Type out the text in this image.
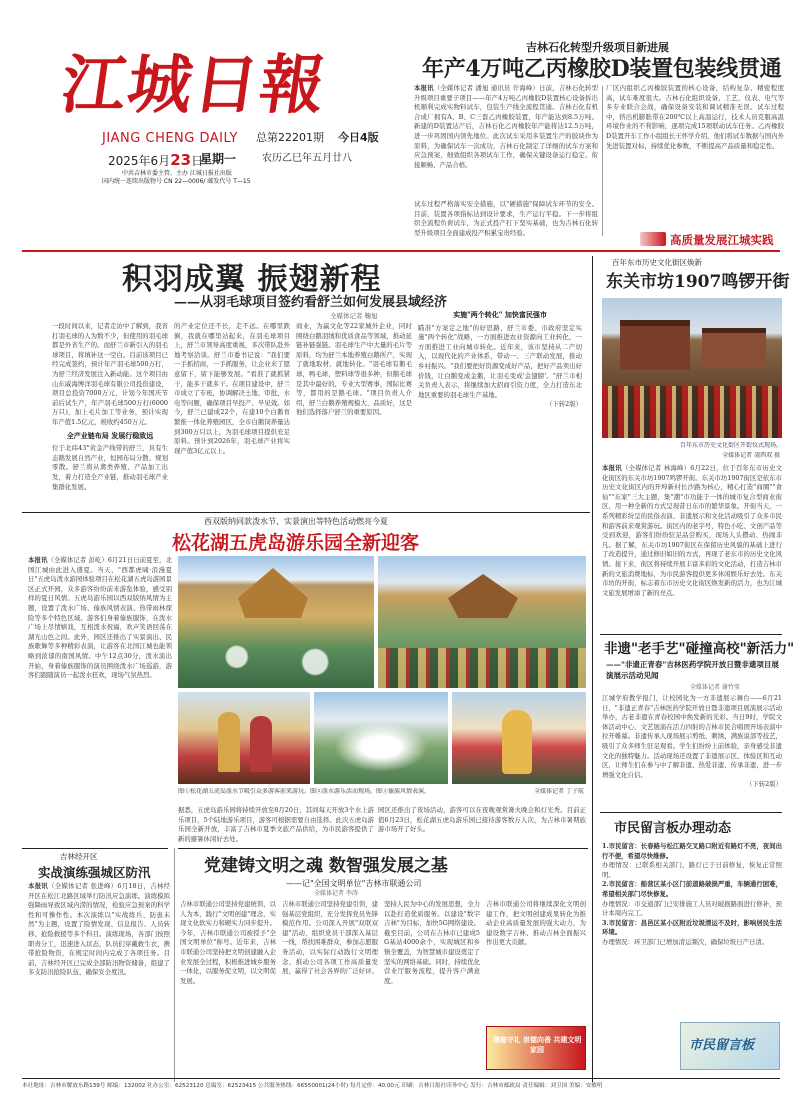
江城日報
JIANG CHENG DAILY 总第22201期 今日4版
2025年6月23日
星期一	农历乙巳年五月廿八
中共吉林市委主管、主办 江城日报社出版
国内统一连续出版物号 CN 22—0006/ 邮发代号 T—15
吉林石化转型升级项目新进展
年产4万吨乙丙橡胶D装置包装线贯通
本报讯（全媒体记者 潘旭 通讯员 许海峰）日前，吉林石化转型升级项目重要子项目——年产4万吨乙丙橡胶D装置核心设备拆出机顺利完成实物料试车，包装生产线全流程贯通。吉林石化有机合成厂拥有A、B、C三套乙丙橡胶装置，年产能达到8.5万吨。新建的D装置达产后，吉林石化乙丙橡胶年产能将达12.5万吨，进一步巩固国内领先地位。此次试车采用多装置生产的胶块作为原料，为确保试车一次成功，吉林石化制定了详细的试车方案和应急预案，细致组织各项试车工作，确保关键设备运行稳定、衔接顺畅、产品合格。
厂区内组织乙丙橡胶装置的核心设备，结构复杂、精密程度高，试车难度很大。吉林石化组织设备、工艺、仪表、电气等多专业联合会战，确保设备安装和调试精准无误。试车过程中，挤出机膨胀带在200℃以上高温运行，技术人员克服高温环境作业的不利影响，逐项完成15项联动试车任务。乙丙橡胶D装置开车工作小组组长王怀学介绍，他们将试车数据与国内外先进装置对标，持续优化参数，不断提高产品质量和稳定性。
试车过程严格落实安全措施，以"硬措施"保障试车环节的安全。目前，装置各项指标达到设计要求，生产运行平稳。下一步将组织全流程负荷试车，为正式投产打下坚实基础，也为吉林石化转型升级项目全面建成投产积累宝贵经验。
高质量发展江城实践
积羽成翼 振翅新程
——从羽毛球项目签约看舒兰如何发展县域经济
全媒体记者 鞠旭
一段时间以来，记者走访中了解到，我省打羽毛球的人为数不少，但使用的羽毛球都是外省生产的。而舒兰市新引入的羽毛球项目，将填补这一空白。目前该项目已经完成签约，预计年产羽毛球500万打，为舒兰经济发展注入新动能。这个项目由山东威海博洋羽毛球有限公司投资建设，项目总投资7000万元，计划今年国庆节前后试生产，年产羽毛球500万打(6000万只)，加上毛片加工等业务，预计实现年产值1.5亿元，税收约450万元。
全产业链布局 发展行稳致远
位于北纬43°黄金产线带的舒兰，具有生态鹅发展自然产业，恒园布局分散、规划零散。舒兰将从禽类养殖、产品加工出发，着力打造全产业链，推动羽毛球产业集群化发展。
的产业定位还不长，走不远。在哪里跌倒，我就在哪里站起来，在羽毛球项目上，舒兰市领导高度重视，多次带队赴外地考察洽谈。舒兰市委书记说："我们要一手抓招商，一手抓服务，让企业来了愿意留下，留下能够发展。"看准了就抓紧干，能多干就多干。在项目建设中，舒兰市成立了专班，协调解决土地、审批、水电等问题，确保项目早投产、早见效。如今，舒兰已建成22个，在建10个白鹅育繁推一体化养殖园区，全市白鹅饲养量达到300万只以上，为羽毛球项目提供充足原料。预计到2026年，羽毛球产业将实现产值3亿元以上。
商业，为赢文化等22家城外企业，同时围绕白鹅羽绒和优质食品等领域，推动延链补链强链。羽毛球生产中大量的毛片等原料，均为舒兰本地养殖白鹅所产，实现了就地取材、就地转化。"羽毛球有鹅毛球，鸭毛球，塑料球等很多种，但鹅毛球是其中最好的，专业大型赛事，国际比赛等，都用的是鹅毛球。"项目负责人介绍，舒兰白鹅养殖规模大、品质好，这是他们选择落户舒兰的重要原因。
实施"两个转化" 加快富民强市
瞄准"方案定之地"的好思路，舒兰市委、市政府坚定实施"两个转化"战略，一方面推进农业资源向工业转化，一方面推进工业向城市转化。近年来，该市坚持从二产切入，以现代化的产业体系，带动一、三产联动发展，推动乡村振兴。"我们要把好资源变成好产品，把好产品卖出好价钱，让白鹅变成金鹅，让羽毛变成'金翅膀'。"舒兰市相关负责人表示，将继续加大招商引资力度，全力打造东北地区重要的羽毛球生产基地。
（下转2版）
百年东市历史文化街区焕新
东关市坊1907鸣锣开街
百年东市历史文化街区开街仪式现场。
全媒体记者 凌西双 摄
本报讯（全媒体记者 林海峰）6月22日，位于百年东市历史文化街区的东关市坊1907鸣锣开街。东关市坊1907街区是依东市历史文化街区内的开埠新村长沙路为核心，精心打造"商圈""食仙""东家"三大主题，集"潮"市功能于一体的城市复合型商业街区，用一种全新的方式呈现昔日东市的繁华景象。开街当天，一系列精彩纷呈的民俗表演、非遗展示和文化活动吸引了众多市民和游客前来观赏游玩。街区内的老字号、特色小吃、文创产品等受到欢迎，游客们纷纷驻足品尝购买，现场人头攒动、热闹非凡。据了解，东关市坊1907街区在保留历史风貌的基础上进行了改造提升，通过修旧如旧的方式，再现了老东市的历史文化风情。接下来，街区将持续开展丰富多彩的文化活动，打造吉林市新的文旅消费地标，为市民游客提供更多休闲娱乐好去处。东关市坊的开街，标志着东市历史文化街区焕发新的活力，也为江城文旅发展增添了新的亮点。
非遗"老手艺"碰撞高校"新活力"
——"非遗正青春"吉林医药学院开放日暨非遗项目展演展示活动见闻
全媒体记者 谢竹莹
江城学府教学报门，让校园化为一方非遗展示舞台——6月21日，"非遗正青春"吉林医药学院开放日暨非遗项目展演展示活动举办，古老非遗在青春校园中焕发新的光彩。当日9时，学院文体活动中心、文艺展演在活力四射的吉林市民合唱团开场表演中拉开帷幕。非遗传承人现场展示剪纸、刺绣、满族说部等技艺，吸引了众多师生驻足观看。学生们纷纷上前体验，亲身感受非遗文化的独特魅力。活动现场还设置了非遗展示区、体验区和互动区，让师生们在参与中了解非遗、热爱非遗、传承非遗，进一步增强文化自信。
（下转2版）
市民留言板办理动态
1.市民留言：长春路与松江路交叉路口附近有路灯不亮，夜间出行不便，希望尽快维修。
办理情况：已联系相关部门，路灯已于日前修复，恢复正常照明。
2.市民留言：船营区某小区门前道路破损严重，车辆通行困难，希望相关部门尽快修复。
办理情况：市交通部门已安排施工人员对破损路面进行修补，预计本周内完工。
3.市民留言：昌邑区某小区附近垃圾清运不及时，影响居民生活环境。
办理情况：环卫部门已增加清运频次，确保垃圾日产日清。
市民留言板
西双版纳同款泼水节、实景演出等特色活动燃亮今夏
松花湖五虎岛游乐园全新迎客
本报讯（全媒体记者 彭屹）6月21日日前夏至，北国江城由此进入盛夏。当天，"西都虎啸·浪漫夏日"五虎岛泼水游园体验项目在松花湖五虎岛游园景区正式开园，众多游客纷纷前来游览体验，感受别样的夏日风情。五虎岛游乐园以西双版纳风情为主题，设置了泼水广场、傣族风情表演、热带雨林探险等多个特色区域。游客们身着傣族服饰，在泼水广场上尽情嬉戏，互相泼水祝福，欢声笑语回荡在湖光山色之间。此外，园区还推出了实景演出、民族歌舞等多种精彩表演，让游客在北国江城也能领略到浓郁的南国风情。中午12点30分，泼水演出开始，身着傣族服饰的演员围绕泼水广场巡游，游客们跟随演员一起泼水狂欢，现场气氛热烈。
图①松花湖五虎岛泼水节吸引众多游客前来游玩。图②泼水游乐活动现场。图③傣族风情表演。	全媒体记者 丁子航
据悉，五虎岛游乐园将持续开放至8月20日，其间每天开放3个水上游乐项目，5个陆地游乐项目，游客可根据需要自由选择。此次五虎岛游乐园全新开放，丰富了吉林市夏季文旅产品供给，为市民游客提供了新的避暑休闲好去处。
园区还推出了夜场活动，游客可以在夜晚观赏篝火晚会和灯光秀。目前正值6月23日，松花湖五虎岛游乐园已接待游客数万人次，为吉林市暑期旅游市场开了好头。
吉林经开区
实战演练强城区防汛
本报讯（全媒体记者 张进峰）6月18日，吉林经开区在松江北路区域举行防汛应急演练。演练模拟强降雨导致区域内涝的情况，检验应急预案的科学性和可操作性。本次演练以"实战练兵、防患未然"为主题，设置了险情发现、信息报告、人员转移、抢险救援等多个科目。演练现场，各部门按照职责分工，迅速进入状态，队员们穿戴救生衣、携带抢险物资，在规定时间内完成了各项任务。目前，吉林经开区已完成全部防汛物资储备，组建了多支防汛抢险队伍，确保安全度汛。
党建铸文明之魂 数智强发展之基
——记"全国文明单位"吉林市联通公司
全媒体记者 李涛
吉林市联通公司坚持党建统领，以人为本，践行"文明创建"理念，实现文化软实力和硬实力同步提升。今年，吉林市联通公司被授予"全国文明单位"称号。近年来，吉林市联通公司坚持把文明创建融入企业发展全过程，积极推进城乡服务一体化，以服务促文明，以文明促发展。
吉林市联通公司坚持党建引领，建强基层党组织，充分发挥党员先锋模范作用。公司深入开展"双联双建"活动，组织党员干部深入基层一线，帮扶困难群众，参加志愿服务活动，以实际行动践行文明理念，推动公司各项工作高质量发展，赢得了社会各界的广泛好评。
坚持人民为中心的发展思想，全力以赴打造优质服务。以建设"数字吉林"为目标，加快5G网络建设。截至目前，公司在吉林市已建成5G基站4000余个，实现城区和乡镇全覆盖，为智慧城市建设奠定了坚实的网络基础。同时，持续优化营业厅服务流程，提升客户满意度。
吉林市联通公司将继续深化文明创建工作，把文明创建成果转化为推动企业高质量发展的强大动力，为建设数字吉林、推动吉林全面振兴作出更大贡献。
遵德守礼 崇德向善 共建文明家园
本社地址：吉林市解放东路139号 邮编：132002 社办公室：62523120 总编室：62523415 公共服务热线：66550001(24小时) 每月定价：40.00元 印刷：吉林日报社印务中心 发行：吉林市邮政局 责任编辑：刘卫国 美编：安敏明
